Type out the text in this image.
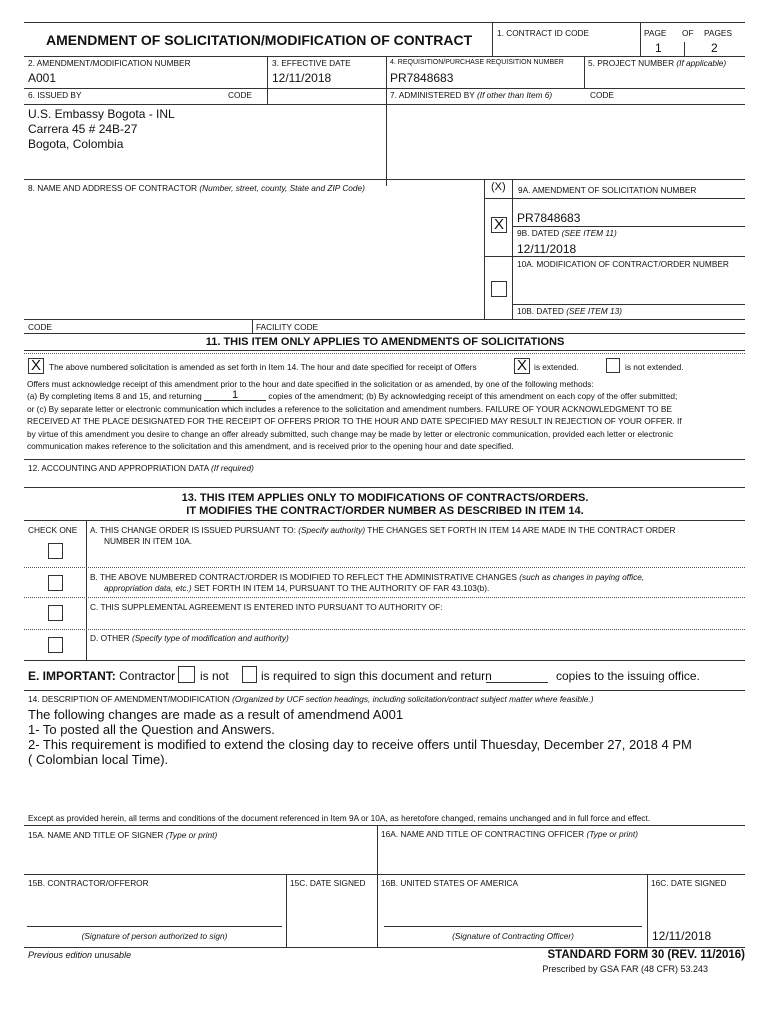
AMENDMENT OF SOLICITATION/MODIFICATION OF CONTRACT	1. CONTRACT ID CODE	PAGE OF PAGES
1	2
2. AMENDMENT/MODIFICATION NUMBER
A001
3. EFFECTIVE DATE
12/11/2018
4. REQUISITION/PURCHASE REQUISITION NUMBER
PR7848683
5. PROJECT NUMBER (If applicable)
6. ISSUED BY	CODE
U.S. Embassy Bogota - INL
Carrera 45 # 24B-27
Bogota, Colombia
7. ADMINISTERED BY (If other than Item 6)	CODE
8. NAME AND ADDRESS OF CONTRACTOR (Number, street, county, State and ZIP Code)	(X) 9A. AMENDMENT OF SOLICITATION NUMBER
X PR7848683
9B. DATED (SEE ITEM 11)
12/11/2018
10A. MODIFICATION OF CONTRACT/ORDER NUMBER
10B. DATED (SEE ITEM 13)
CODE	FACILITY CODE
11. THIS ITEM ONLY APPLIES TO AMENDMENTS OF SOLICITATIONS
X The above numbered solicitation is amended as set forth in Item 14. The hour and date specified for receipt of Offers	X is extended.	is not extended.
Offers must acknowledge receipt of this amendment prior to the hour and date specified in the solicitation or as amended, by one of the following methods:
(a) By completing items 8 and 15, and returning	1	copies of the amendment; (b) By acknowledging receipt of this amendment on each copy of the offer submitted;
or (c) By separate letter or electronic communication which includes a reference to the solicitation and amendment numbers. FAILURE OF YOUR ACKNOWLEDGMENT TO BE
RECEIVED AT THE PLACE DESIGNATED FOR THE RECEIPT OF OFFERS PRIOR TO THE HOUR AND DATE SPECIFIED MAY RESULT IN REJECTION OF YOUR OFFER. If
by virtue of this amendment you desire to change an offer already submitted, such change may be made by letter or electronic communication, provided each letter or electronic
communication makes reference to the solicitation and this amendment, and is received prior to the opening hour and date specified.
12. ACCOUNTING AND APPROPRIATION DATA (If required)
13. THIS ITEM APPLIES ONLY TO MODIFICATIONS OF CONTRACTS/ORDERS.
IT MODIFIES THE CONTRACT/ORDER NUMBER AS DESCRIBED IN ITEM 14.
CHECK ONE A. THIS CHANGE ORDER IS ISSUED PURSUANT TO: (Specify authority) THE CHANGES SET FORTH IN ITEM 14 ARE MADE IN THE CONTRACT ORDER
NUMBER IN ITEM 10A.
B. THE ABOVE NUMBERED CONTRACT/ORDER IS MODIFIED TO REFLECT THE ADMINISTRATIVE CHANGES (such as changes in paying office,
appropriation data, etc.) SET FORTH IN ITEM 14, PURSUANT TO THE AUTHORITY OF FAR 43.103(b).
C. THIS SUPPLEMENTAL AGREEMENT IS ENTERED INTO PURSUANT TO AUTHORITY OF:
D. OTHER (Specify type of modification and authority)
E. IMPORTANT: Contractor is not	is required to sign this document and return	copies to the issuing office.
14. DESCRIPTION OF AMENDMENT/MODIFICATION (Organized by UCF section headings, including solicitation/contract subject matter where feasible.)
The following changes are made as a result of amendmend A001
1- To posted all the Question and Answers.
2- This requirement is modified to extend the closing day to receive offers until Thuesday, December 27, 2018 4 PM
( Colombian local Time).
Except as provided herein, all terms and conditions of the document referenced in Item 9A or 10A, as heretofore changed, remains unchanged and in full force and effect.
15A. NAME AND TITLE OF SIGNER (Type or print)	16A. NAME AND TITLE OF CONTRACTING OFFICER (Type or print)
15B. CONTRACTOR/OFFEROR	15C. DATE SIGNED 16B. UNITED STATES OF AMERICA	16C. DATE SIGNED
(Signature of person authorized to sign)	(Signature of Contracting Officer)	12/11/2018
Previous edition unusable	STANDARD FORM 30 (REV. 11/2016)
Prescribed by GSA FAR (48 CFR) 53.243
